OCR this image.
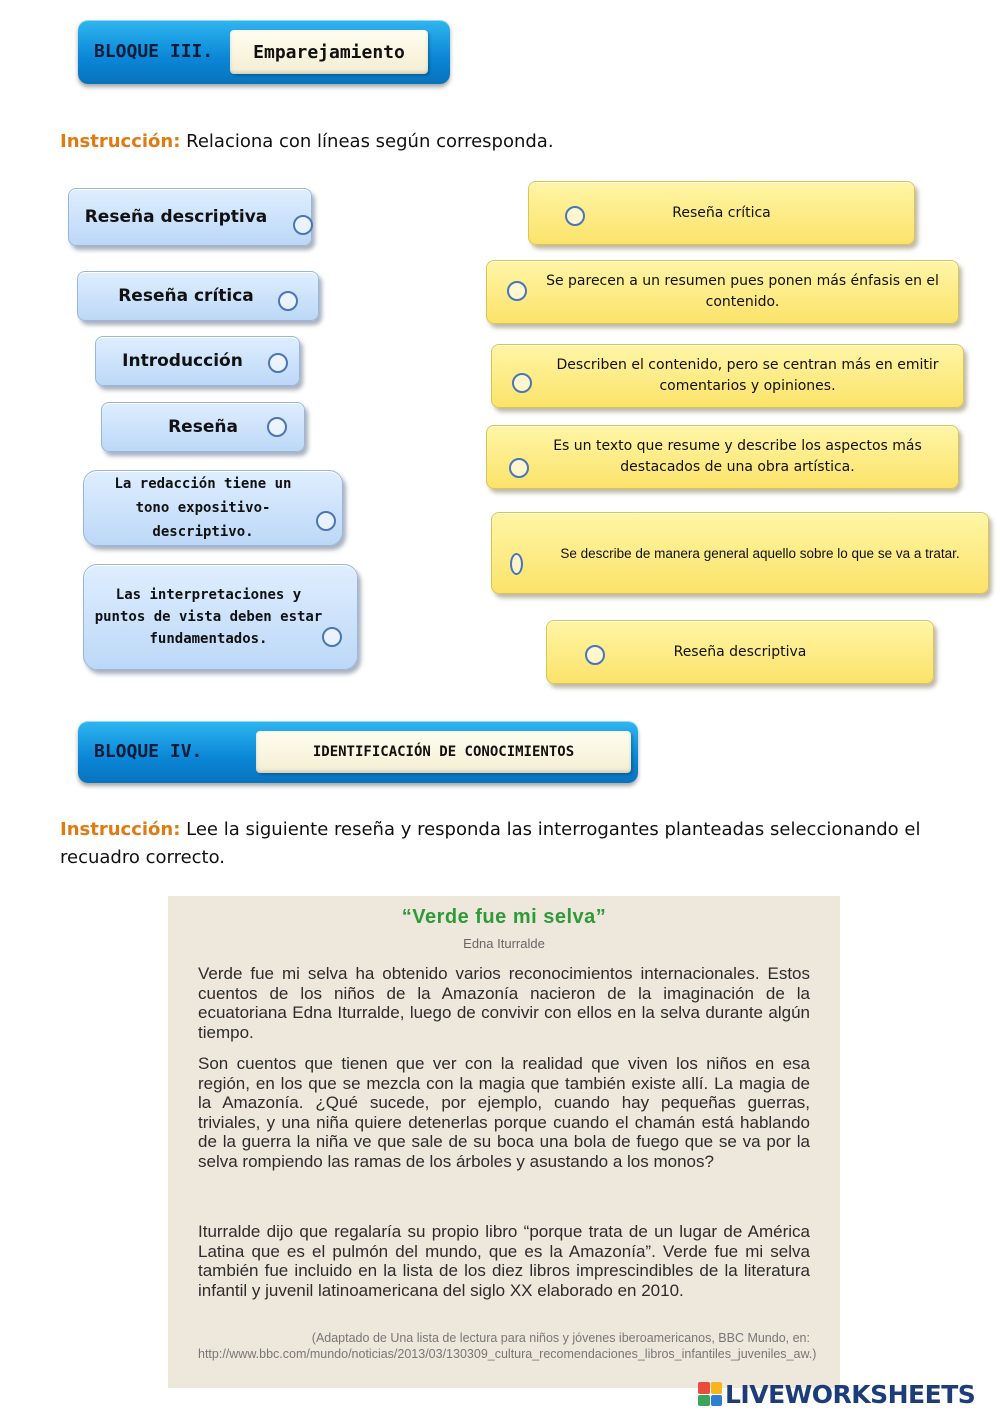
BLOQUE III.	Emparejamiento
Instrucción: Relaciona con líneas según corresponda.
Reseña descriptiva
Reseña crítica
Introducción
Reseña
La redacción tiene un tono expositivo-descriptivo.
Las interpretaciones y puntos de vista deben estar fundamentados.
Reseña crítica
Se parecen a un resumen pues ponen más énfasis en el contenido.
Describen el contenido, pero se centran más en emitir comentarios y opiniones.
Es un texto que resume y describe los aspectos más destacados de una obra artística.
Se describe de manera general aquello sobre lo que se va a tratar.
Reseña descriptiva
BLOQUE IV.	IDENTIFICACIÓN DE CONOCIMIENTOS
Instrucción: Lee la siguiente reseña y responda las interrogantes planteadas seleccionando el recuadro correcto.
“Verde fue mi selva”
Edna Iturralde
Verde fue mi selva ha obtenido varios reconocimientos internacionales. Estos cuentos de los niños de la Amazonía nacieron de la imaginación de la ecuatoriana Edna Iturralde, luego de convivir con ellos en la selva durante algún tiempo.
Son cuentos que tienen que ver con la realidad que viven los niños en esa región, en los que se mezcla con la magia que también existe allí. La magia de la Amazonía. ¿Qué sucede, por ejemplo, cuando hay pequeñas guerras, triviales, y una niña quiere detenerlas porque cuando el chamán está hablando de la guerra la niña ve que sale de su boca una bola de fuego que se va por la selva rompiendo las ramas de los árboles y asustando a los monos?
Iturralde dijo que regalaría su propio libro “porque trata de un lugar de América Latina que es el pulmón del mundo, que es la Amazonía”. Verde fue mi selva también fue incluido en la lista de los diez libros imprescindibles de la literatura infantil y juvenil latinoamericana del siglo XX elaborado en 2010.
(Adaptado de Una lista de lectura para niños y jóvenes iberoamericanos, BBC Mundo, en: http://www.bbc.com/mundo/noticias/2013/03/130309_cultura_recomendaciones_libros_infantiles_juveniles_aw.)
LIVEWORKSHEETS
